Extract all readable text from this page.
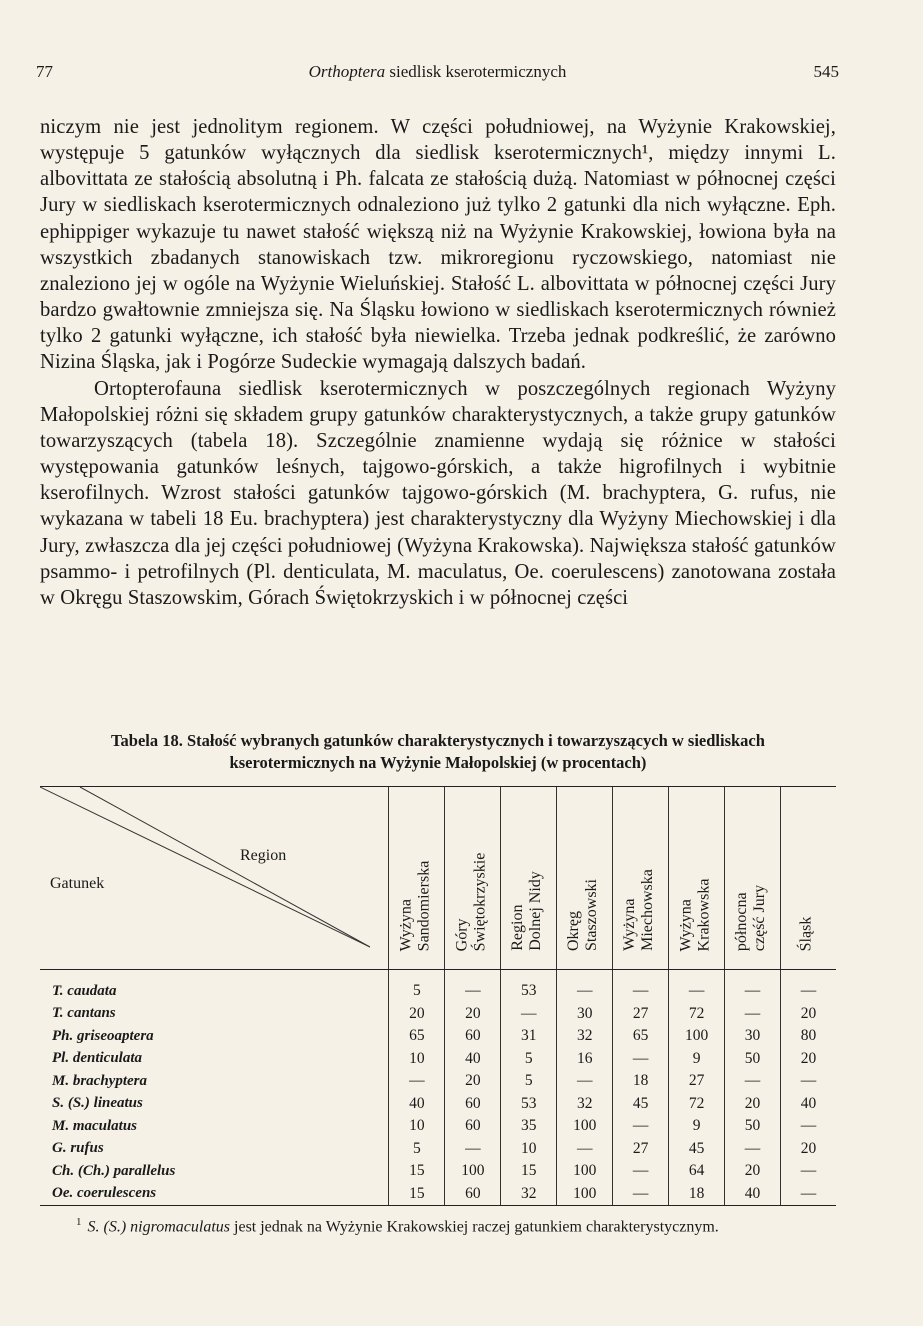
77	Orthoptera siedlisk kserotermicznych	545

niczym nie jest jednolitym regionem. W części południowej, na Wyżynie Krakowskiej, występuje 5 gatunków wyłącznych dla siedlisk kserotermicznych¹, między innymi L. albovittata ze stałością absolutną i Ph. falcata ze stałością dużą. Natomiast w północnej części Jury w siedliskach kserotermicznych odnaleziono już tylko 2 gatunki dla nich wyłączne. Eph. ephippiger wykazuje tu nawet stałość większą niż na Wyżynie Krakowskiej, łowiona była na wszystkich zbadanych stanowiskach tzw. mikroregionu ryczowskiego, natomiast nie znaleziono jej w ogóle na Wyżynie Wieluńskiej. Stałość L. albovittata w północnej części Jury bardzo gwałtownie zmniejsza się. Na Śląsku łowiono w siedliskach kserotermicznych również tylko 2 gatunki wyłączne, ich stałość była niewielka. Trzeba jednak podkreślić, że zarówno Nizina Śląska, jak i Pogórze Sudeckie wymagają dalszych badań.

Ortopterofauna siedlisk kserotermicznych w poszczególnych regionach Wyżyny Małopolskiej różni się składem grupy gatunków charakterystycznych, a także grupy gatunków towarzyszących (tabela 18). Szczególnie znamienne wydają się różnice w stałości występowania gatunków leśnych, tajgowo-górskich, a także higrofilnych i wybitnie kserofilnych. Wzrost stałości gatunków tajgowo-górskich (M. brachyptera, G. rufus, nie wykazana w tabeli 18 Eu. brachyptera) jest charakterystyczny dla Wyżyny Miechowskiej i dla Jury, zwłaszcza dla jej części południowej (Wyżyna Krakowska). Największa stałość gatunków psammo- i petrofilnych (Pl. denticulata, M. maculatus, Oe. coerulescens) zanotowana została w Okręgu Staszowskim, Górach Świętokrzyskich i w północnej części

Tabela 18. Stałość wybranych gatunków charakterystycznych i towarzyszących w siedliskach
kserotermicznych na Wyżynie Małopolskiej (w procentach)
Region
Gatunek	Wyżyna Sandomierska	Góry Świętokrzyskie	Region Dolnej Nidy	Okręg Staszowski	Wyżyna Miechowska	Wyżyna Krakowska	północna część Jury	Śląsk

T. caudata	5	—	53	—	—	—	—	—
T. cantans	20	20	—	30	27	72	—	20
Ph. griseoaptera	65	60	31	32	65	100	30	80
Pl. denticulata	10	40	5	16	—	9	50	20
M. brachyptera	—	20	5	—	18	27	—	—
S. (S.) lineatus	40	60	53	32	45	72	20	40
M. maculatus	10	60	35	100	—	9	50	—
G. rufus	5	—	10	—	27	45	—	20
Ch. (Ch.) parallelus	15	100	15	100	—	64	20	—
Oe. coerulescens	15	60	32	100	—	18	40	—
$^1$ S. (S.) nigromaculatus jest jednak na Wyżynie Krakowskiej raczej gatunkiem charakterystycznym.
